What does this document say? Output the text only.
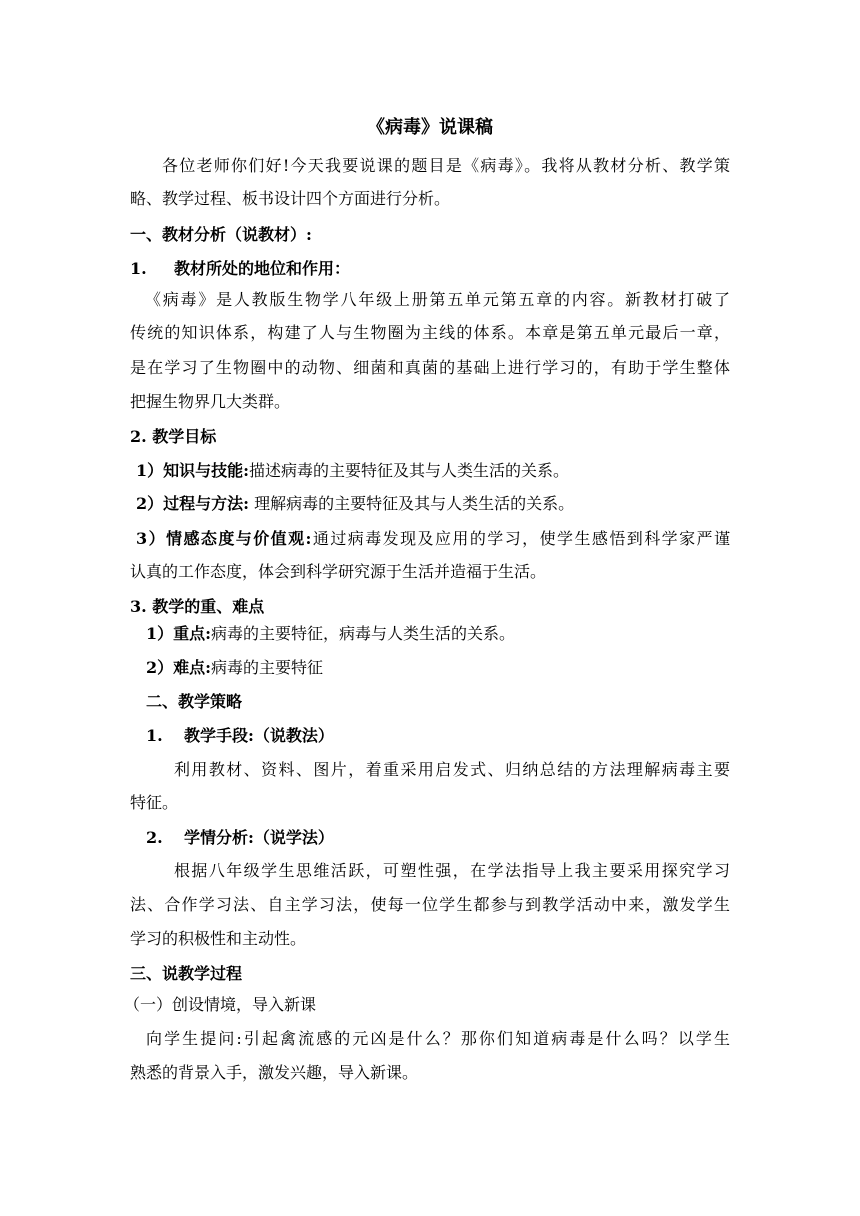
《病毒》说课稿
各位老师你们好!今天我要说课的题目是《病毒》。我将从教材分析、教学策
略、教学过程、板书设计四个方面进行分析。
一、教材分析（说教材）:
1. 教材所处的地位和作用：
《病毒》是人教版生物学八年级上册第五单元第五章的内容。新教材打破了
传统的知识体系，构建了人与生物圈为主线的体系。本章是第五单元最后一章，
是在学习了生物圈中的动物、细菌和真菌的基础上进行学习的，有助于学生整体
把握生物界几大类群。
2. 教学目标
1）知识与技能:描述病毒的主要特征及其与人类生活的关系。
2）过程与方法: 理解病毒的主要特征及其与人类生活的关系。
3）情感态度与价值观:通过病毒发现及应用的学习，使学生感悟到科学家严谨
认真的工作态度，体会到科学研究源于生活并造福于生活。
3. 教学的重、难点
1）重点:病毒的主要特征，病毒与人类生活的关系。
2）难点:病毒的主要特征
二、教学策略
1. 教学手段:（说教法）
利用教材、资料、图片，着重采用启发式、归纳总结的方法理解病毒主要
特征。
2. 学情分析:（说学法）
根据八年级学生思维活跃，可塑性强，在学法指导上我主要采用探究学习
法、合作学习法、自主学习法，使每一位学生都参与到教学活动中来，激发学生
学习的积极性和主动性。
三、说教学过程
（一）创设情境，导入新课
向学生提问:引起禽流感的元凶是什么？那你们知道病毒是什么吗？以学生
熟悉的背景入手，激发兴趣，导入新课。
